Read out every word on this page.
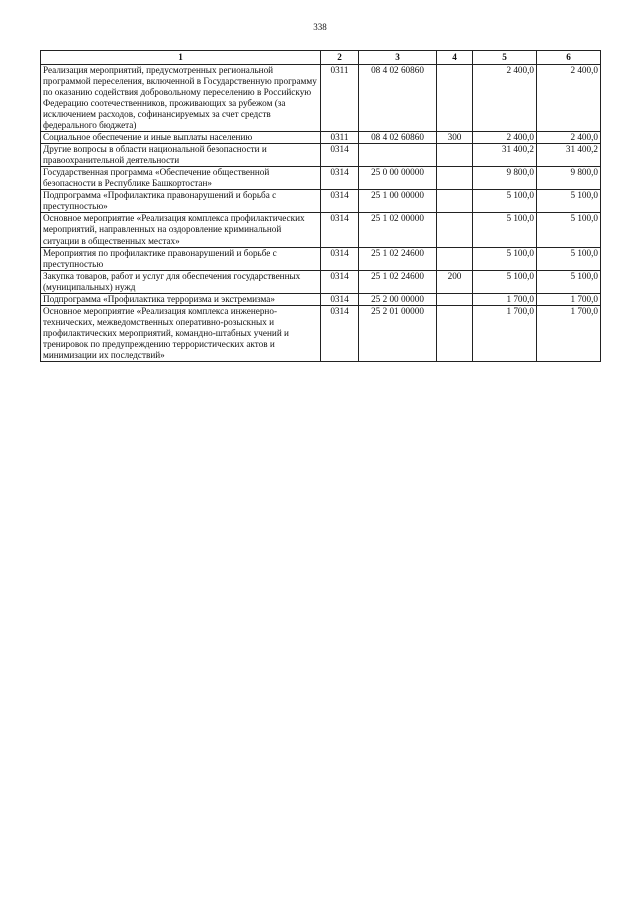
338
1	2	3	4	5	6
Реализация мероприятий, предусмотренных региональной программой переселения, включенной в Государственную программу по оказанию содействия добровольному переселению в Российскую Федерацию соотечественников, проживающих за рубежом (за исключением расходов, софинансируемых за счет средств федерального бюджета)	0311	08 4 02 60860		2 400,0	2 400,0
Социальное обеспечение и иные выплаты населению	0311	08 4 02 60860	300	2 400,0	2 400,0
Другие вопросы в области национальной безопасности и правоохранительной деятельности	0314			31 400,2	31 400,2
Государственная программа «Обеспечение общественной безопасности в Республике Башкортостан»	0314	25 0 00 00000		9 800,0	9 800,0
Подпрограмма «Профилактика правонарушений и борьба с преступностью»	0314	25 1 00 00000		5 100,0	5 100,0
Основное мероприятие «Реализация комплекса профилактических мероприятий, направленных на оздоровление криминальной ситуации в общественных местах»	0314	25 1 02 00000		5 100,0	5 100,0
Мероприятия по профилактике правонарушений и борьбе с преступностью	0314	25 1 02 24600		5 100,0	5 100,0
Закупка товаров, работ и услуг для обеспечения государственных (муниципальных) нужд	0314	25 1 02 24600	200	5 100,0	5 100,0
Подпрограмма «Профилактика терроризма и экстремизма»	0314	25 2 00 00000		1 700,0	1 700,0
Основное мероприятие «Реализация комплекса инженерно-технических, межведомственных оперативно-розыскных и профилактических мероприятий, командно-штабных учений и тренировок по предупреждению террористических актов и минимизации их последствий»	0314	25 2 01 00000		1 700,0	1 700,0
